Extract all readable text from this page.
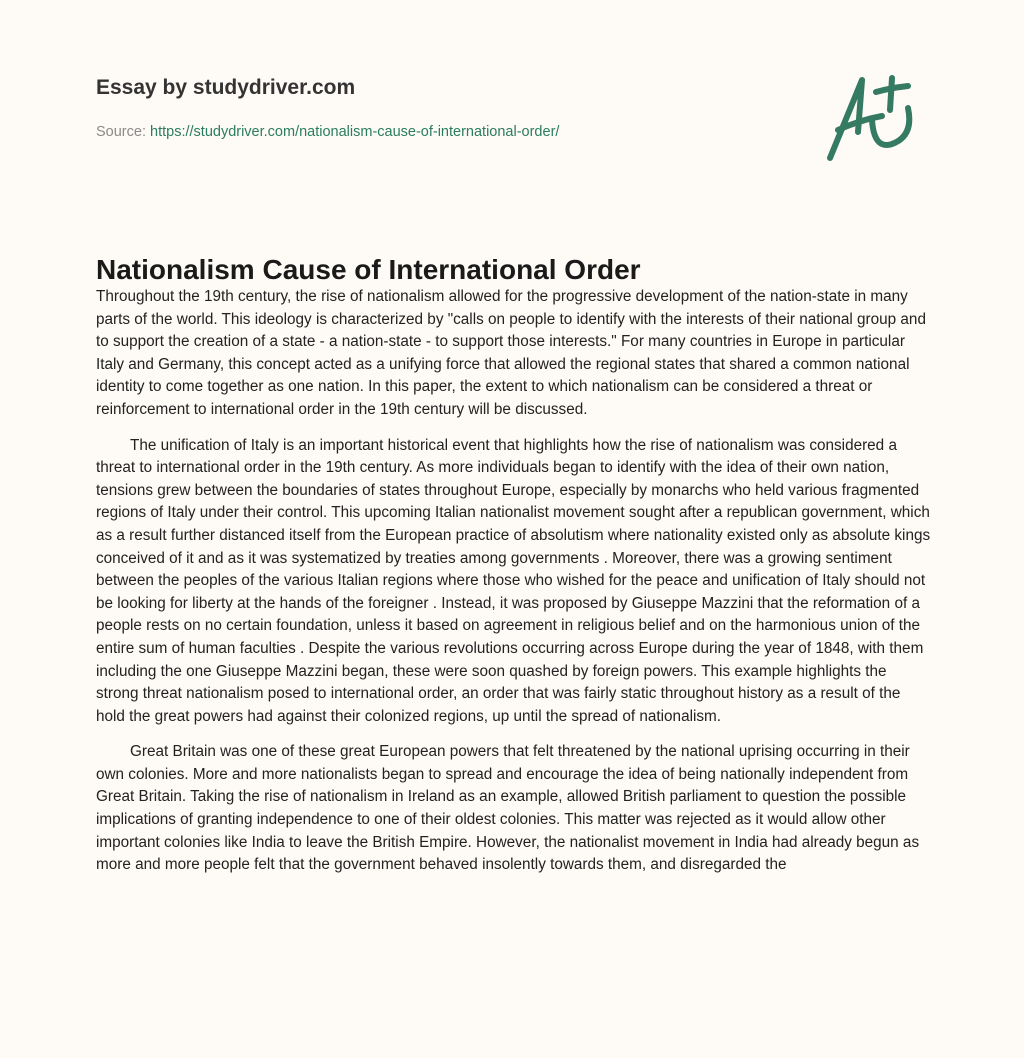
Essay by studydriver.com
Source: https://studydriver.com/nationalism-cause-of-international-order/
Nationalism Cause of International Order

Throughout the 19th century, the rise of nationalism allowed for the progressive development of the nation-state in many parts of the world. This ideology is characterized by "calls on people to identify with the interests of their national group and to support the creation of a state - a nation-state - to support those interests." For many countries in Europe in particular Italy and Germany, this concept acted as a unifying force that allowed the regional states that shared a common national identity to come together as one nation. In this paper, the extent to which nationalism can be considered a threat or reinforcement to international order in the 19th century will be discussed.

The unification of Italy is an important historical event that highlights how the rise of nationalism was considered a threat to international order in the 19th century. As more individuals began to identify with the idea of their own nation, tensions grew between the boundaries of states throughout Europe, especially by monarchs who held various fragmented regions of Italy under their control. This upcoming Italian nationalist movement sought after a republican government, which as a result further distanced itself from the European practice of absolutism where nationality existed only as absolute kings conceived of it and as it was systematized by treaties among governments . Moreover, there was a growing sentiment between the peoples of the various Italian regions where those who wished for the peace and unification of Italy should not be looking for liberty at the hands of the foreigner . Instead, it was proposed by Giuseppe Mazzini that the reformation of a people rests on no certain foundation, unless it based on agreement in religious belief and on the harmonious union of the entire sum of human faculties . Despite the various revolutions occurring across Europe during the year of 1848, with them including the one Giuseppe Mazzini began, these were soon quashed by foreign powers. This example highlights the strong threat nationalism posed to international order, an order that was fairly static throughout history as a result of the hold the great powers had against their colonized regions, up until the spread of nationalism.

Great Britain was one of these great European powers that felt threatened by the national uprising occurring in their own colonies. More and more nationalists began to spread and encourage the idea of being nationally independent from Great Britain. Taking the rise of nationalism in Ireland as an example, allowed British parliament to question the possible implications of granting independence to one of their oldest colonies. This matter was rejected as it would allow other important colonies like India to leave the British Empire. However, the nationalist movement in India had already begun as more and more people felt that the government behaved insolently towards them, and disregarded the
